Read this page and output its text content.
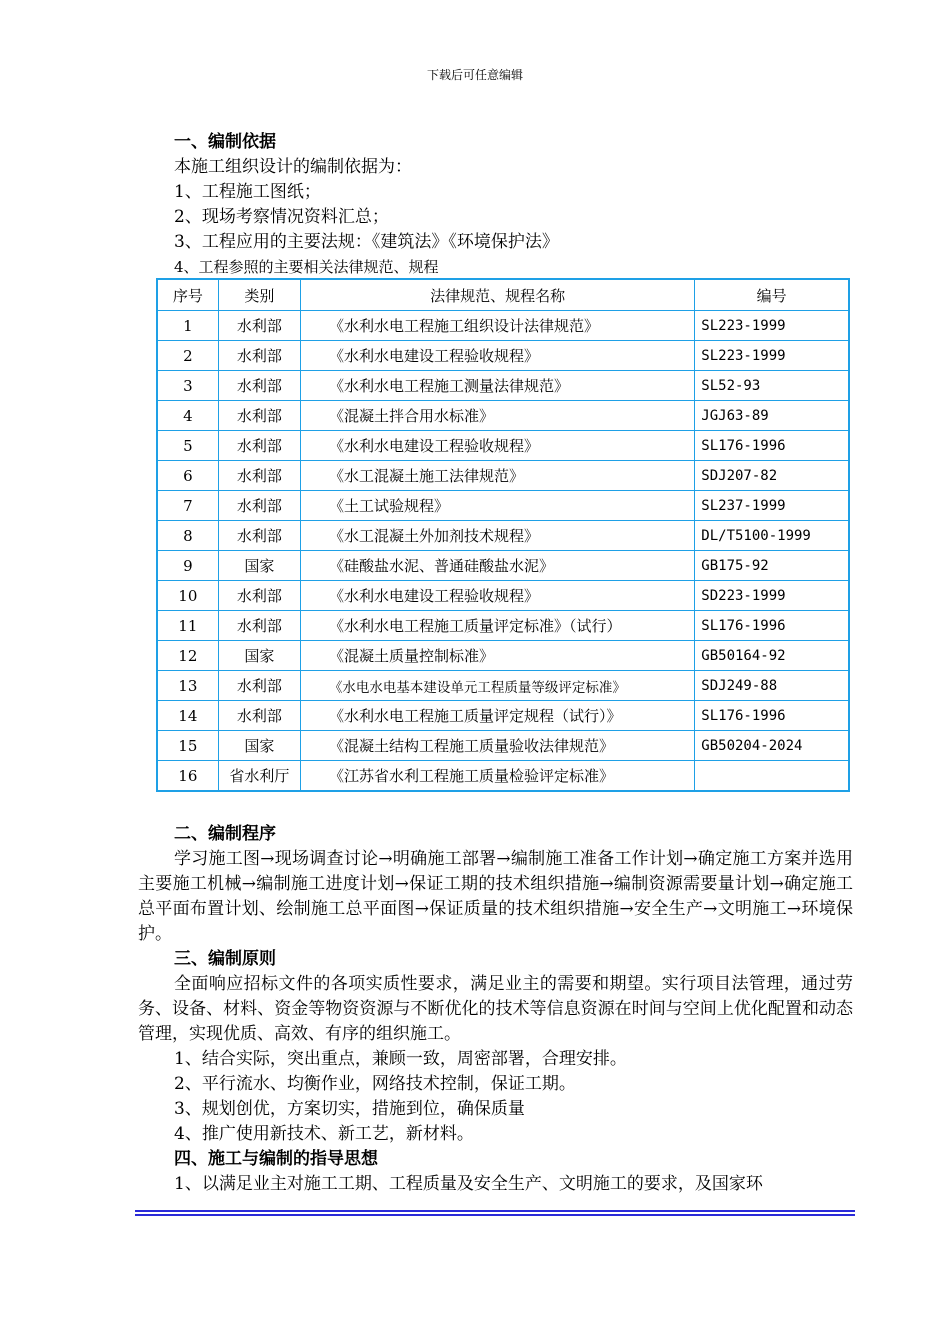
下载后可任意编辑
一、编制依据
本施工组织设计的编制依据为：
1、工程施工图纸；
2、现场考察情况资料汇总；
3、工程应用的主要法规：《建筑法》《环境保护法》
4、工程参照的主要相关法律规范、规程
序号	类别	法律规范、规程名称	编号
1	水利部	《水利水电工程施工组织设计法律规范》	SL223-1999
2	水利部	《水利水电建设工程验收规程》	SL223-1999
3	水利部	《水利水电工程施工测量法律规范》	SL52-93
4	水利部	《混凝土拌合用水标准》	JGJ63-89
5	水利部	《水利水电建设工程验收规程》	SL176-1996
6	水利部	《水工混凝土施工法律规范》	SDJ207-82
7	水利部	《土工试验规程》	SL237-1999
8	水利部	《水工混凝土外加剂技术规程》	DL/T5100-1999
9	国家	《硅酸盐水泥、普通硅酸盐水泥》	GB175-92
10	水利部	《水利水电建设工程验收规程》	SD223-1999
11	水利部	《水利水电工程施工质量评定标准》（试行）	SL176-1996
12	国家	《混凝土质量控制标准》	GB50164-92
13	水利部	《水电水电基本建设单元工程质量等级评定标准》	SDJ249-88
14	水利部	《水利水电工程施工质量评定规程（试行）》	SL176-1996
15	国家	《混凝土结构工程施工质量验收法律规范》	GB50204-2024
16	省水利厅	《江苏省水利工程施工质量检验评定标准》	
二、编制程序
学习施工图→现场调查讨论→明确施工部署→编制施工准备工作计划→确定施工方案并选用主要施工机械→编制施工进度计划→保证工期的技术组织措施→编制资源需要量计划→确定施工总平面布置计划、绘制施工总平面图→保证质量的技术组织措施→安全生产→文明施工→环境保护。
三、编制原则
全面响应招标文件的各项实质性要求，满足业主的需要和期望。实行项目法管理，通过劳务、设备、材料、资金等物资资源与不断优化的技术等信息资源在时间与空间上优化配置和动态管理，实现优质、高效、有序的组织施工。
1、结合实际，突出重点，兼顾一致，周密部署，合理安排。
2、平行流水、均衡作业，网络技术控制，保证工期。
3、规划创优，方案切实，措施到位，确保质量
4、推广使用新技术、新工艺，新材料。
四、施工与编制的指导思想
1、以满足业主对施工工期、工程质量及安全生产、文明施工的要求，及国家环
